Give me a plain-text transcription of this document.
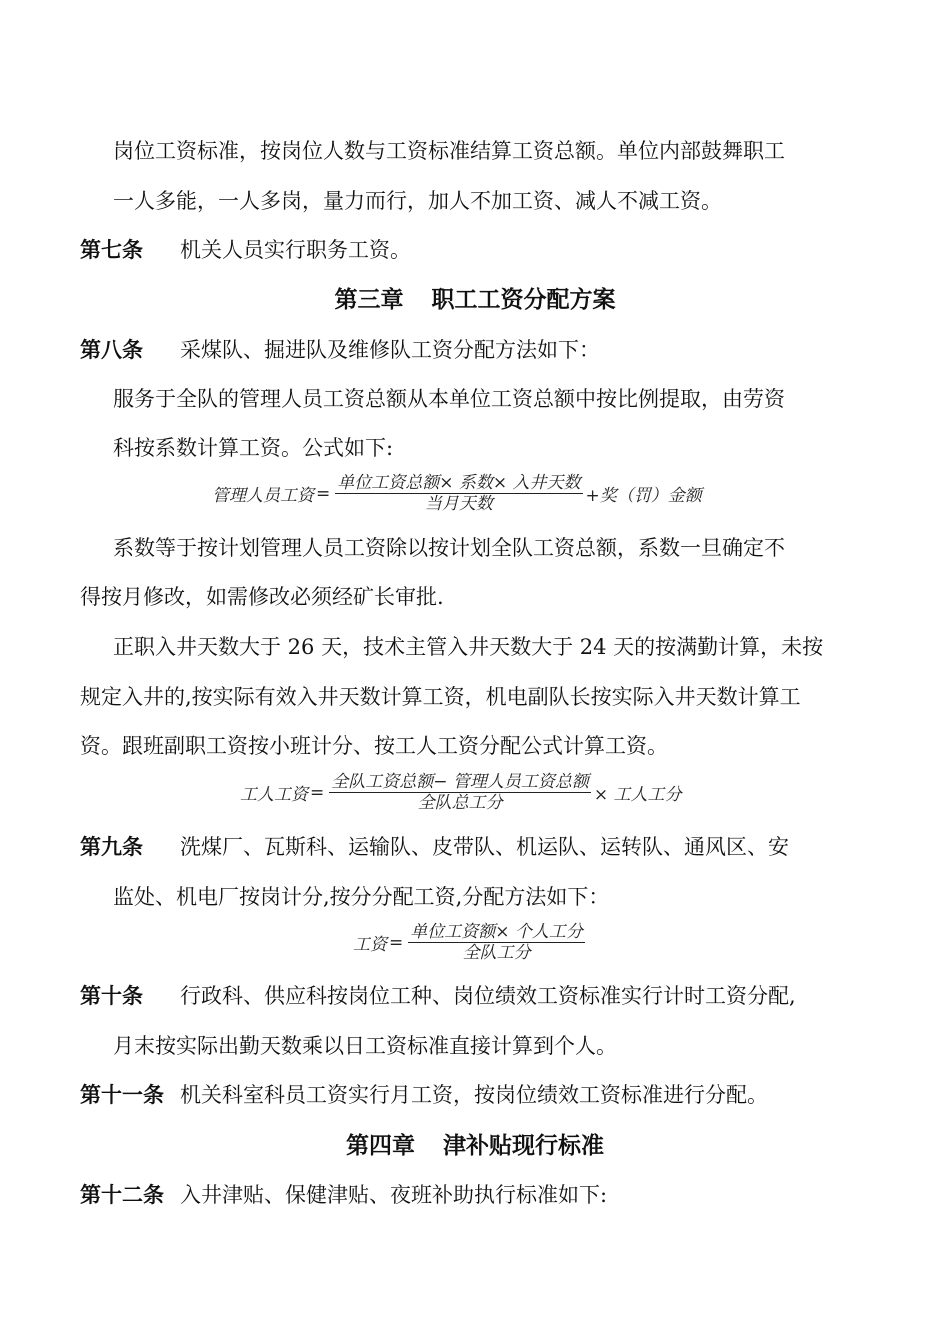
岗位工资标准，按岗位人数与工资标准结算工资总额。单位内部鼓舞职工
一人多能，一人多岗，量力而行，加人不加工资、减人不减工资。
第七条 机关人员实行职务工资。
第三章 职工工资分配方案
第八条 采煤队、掘进队及维修队工资分配方法如下：
服务于全队的管理人员工资总额从本单位工资总额中按比例提取，由劳资
科按系数计算工资。公式如下:
管理人员工资 = $\frac{\text{单位工资总额× 系数× 入井天数}}{\text{当月天数}}$ +奖（罚）金额
系数等于按计划管理人员工资除以按计划全队工资总额，系数一旦确定不
得按月修改，如需修改必须经矿长审批.
正职入井天数大于 26 天，技术主管入井天数大于 24 天的按满勤计算，未按
规定入井的,按实际有效入井天数计算工资，机电副队长按实际入井天数计算工
资。跟班副职工资按小班计分、按工人工资分配公式计算工资。
工人工资 = $\frac{\text{全队工资总额− 管理人员工资总额}}{\text{全队总工分}}$ × 工人工分
第九条 洗煤厂、瓦斯科、运输队、皮带队、机运队、运转队、通风区、安
监处、机电厂按岗计分,按分分配工资,分配方法如下：
工资 = $\frac{\text{单位工资额× 个人工分}}{\text{全队工分}}$
第十条 行政科、供应科按岗位工种、岗位绩效工资标准实行计时工资分配,
月末按实际出勤天数乘以日工资标准直接计算到个人。
第十一条 机关科室科员工资实行月工资，按岗位绩效工资标准进行分配。
第四章 津补贴现行标准
第十二条 入井津贴、保健津贴、夜班补助执行标准如下:
